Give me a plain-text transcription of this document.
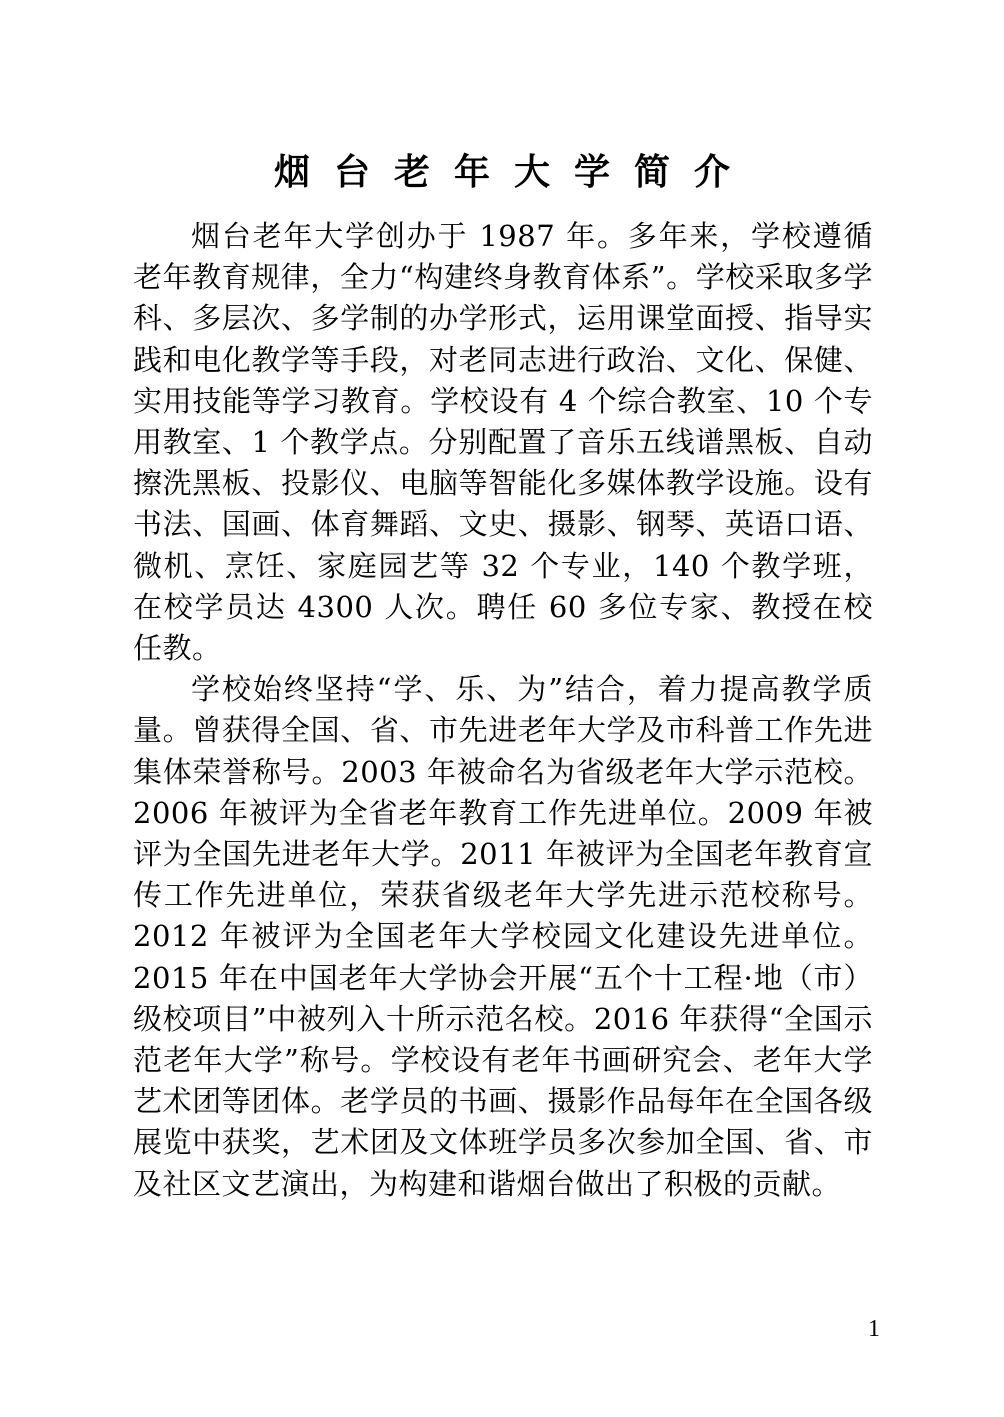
烟台老年大学简介

烟台老年大学创办于 1987 年。多年来，学校遵循老年教育规律，全力“构建终身教育体系”。学校采取多学科、多层次、多学制的办学形式，运用课堂面授、指导实践和电化教学等手段，对老同志进行政治、文化、保健、实用技能等学习教育。学校设有 4 个综合教室、10 个专用教室、1 个教学点。分别配置了音乐五线谱黑板、自动擦洗黑板、投影仪、电脑等智能化多媒体教学设施。设有书法、国画、体育舞蹈、文史、摄影、钢琴、英语口语、微机、烹饪、家庭园艺等 32 个专业，140 个教学班，在校学员达 4300 人次。聘任 60 多位专家、教授在校任教。

学校始终坚持“学、乐、为”结合，着力提高教学质量。曾获得全国、省、市先进老年大学及市科普工作先进集体荣誉称号。2003 年被命名为省级老年大学示范校。2006 年被评为全省老年教育工作先进单位。2009 年被评为全国先进老年大学。2011 年被评为全国老年教育宣传工作先进单位，荣获省级老年大学先进示范校称号。2012 年被评为全国老年大学校园文化建设先进单位。2015 年在中国老年大学协会开展“五个十工程·地（市）级校项目”中被列入十所示范名校。2016 年获得“全国示范老年大学”称号。学校设有老年书画研究会、老年大学艺术团等团体。老学员的书画、摄影作品每年在全国各级展览中获奖，艺术团及文体班学员多次参加全国、省、市及社区文艺演出，为构建和谐烟台做出了积极的贡献。

1
